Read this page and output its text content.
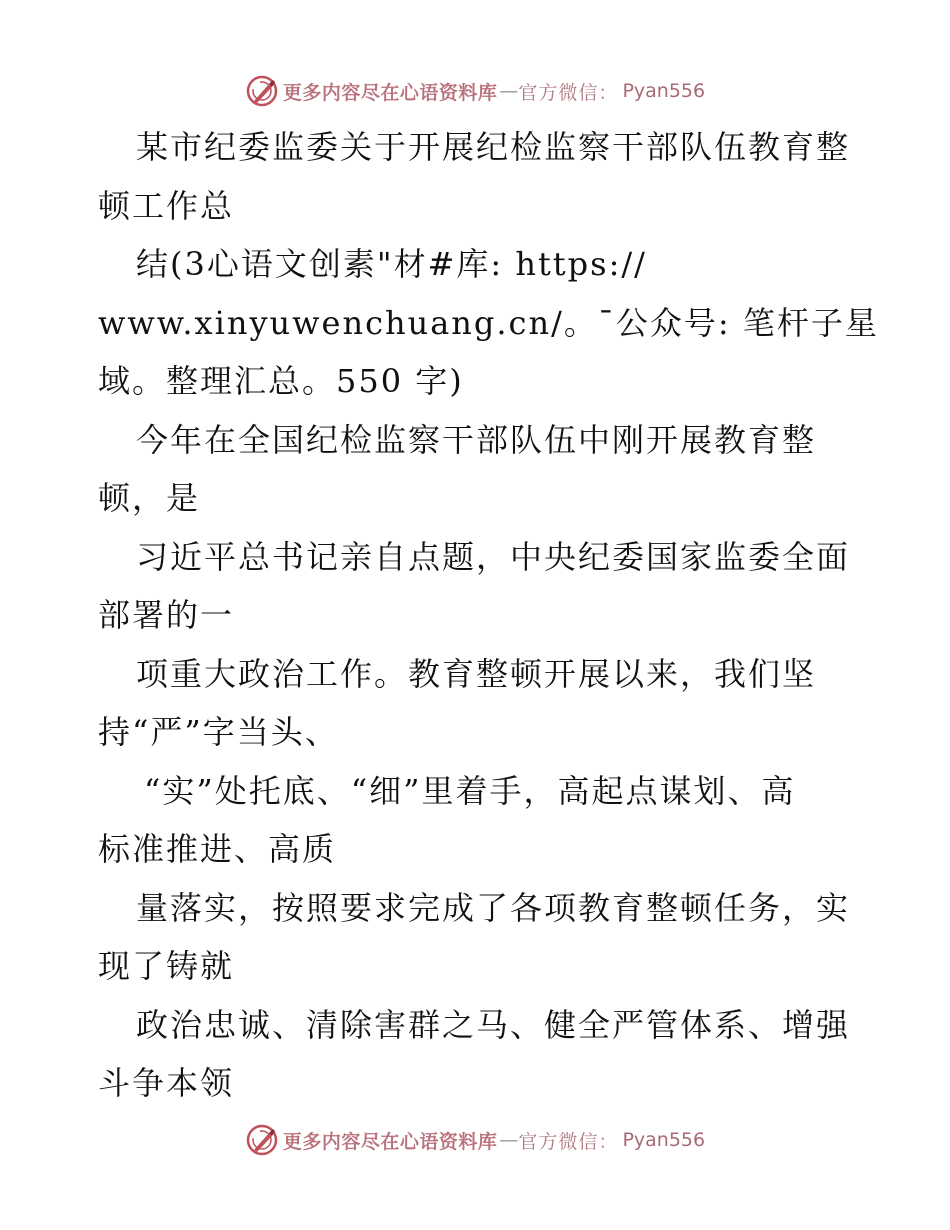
更多内容尽在心语资料库 — 官方微信： Pyan556
某市纪委监委关于开展纪检监察干部队伍教育整
顿工作总
结(3心语文创素"材#库: https://
www.xinyuwenchuang.cn/。¯公众号: 笔杆子星
域。整理汇总。550 字)
今年在全国纪检监察干部队伍中刚开展教育整
顿，是
习近平总书记亲自点题，中央纪委国家监委全面
部署的一
项重大政治工作。教育整顿开展以来，我们坚
持“严”字当头、
“实”处托底、“细”里着手，高起点谋划、高
标准推进、高质
量落实，按照要求完成了各项教育整顿任务，实
现了铸就
政治忠诚、清除害群之马、健全严管体系、增强
斗争本领
更多内容尽在心语资料库 — 官方微信： Pyan556
